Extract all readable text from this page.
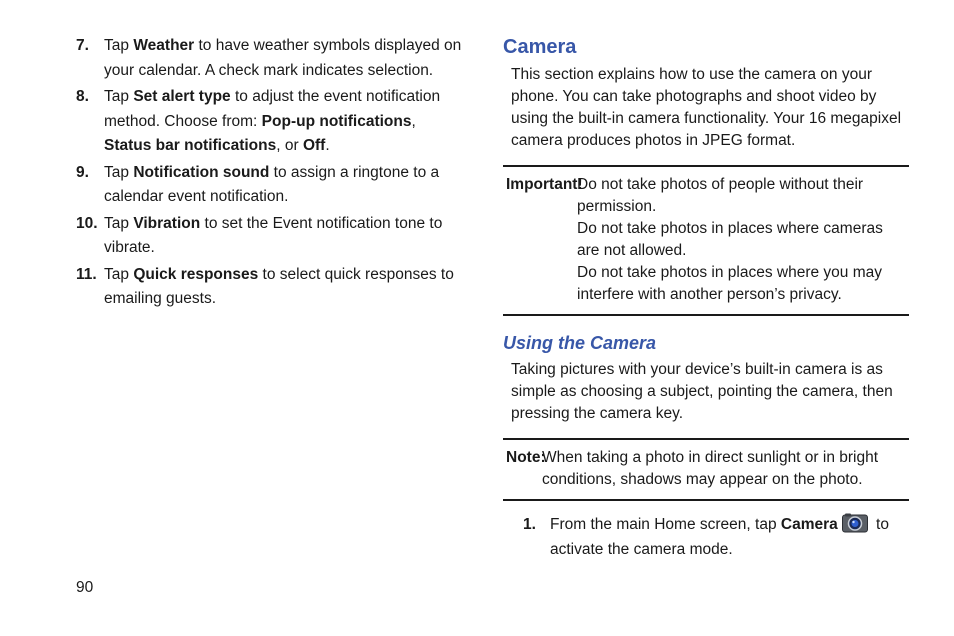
7. Tap Weather to have weather symbols displayed on your calendar. A check mark indicates selection.
8. Tap Set alert type to adjust the event notification method. Choose from: Pop-up notifications, Status bar notifications, or Off.
9. Tap Notification sound to assign a ringtone to a calendar event notification.
10. Tap Vibration to set the Event notification tone to vibrate.
11. Tap Quick responses to select quick responses to emailing guests.
Camera
This section explains how to use the camera on your phone. You can take photographs and shoot video by using the built-in camera functionality. Your 16 megapixel camera produces photos in JPEG format.
Important!
Do not take photos of people without their permission.
Do not take photos in places where cameras are not allowed.
Do not take photos in places where you may interfere with another person’s privacy.
Using the Camera
Taking pictures with your device’s built-in camera is as simple as choosing a subject, pointing the camera, then pressing the camera key.
Note:
When taking a photo in direct sunlight or in bright conditions, shadows may appear on the photo.
1. From the main Home screen, tap Camera to activate the camera mode.
90
